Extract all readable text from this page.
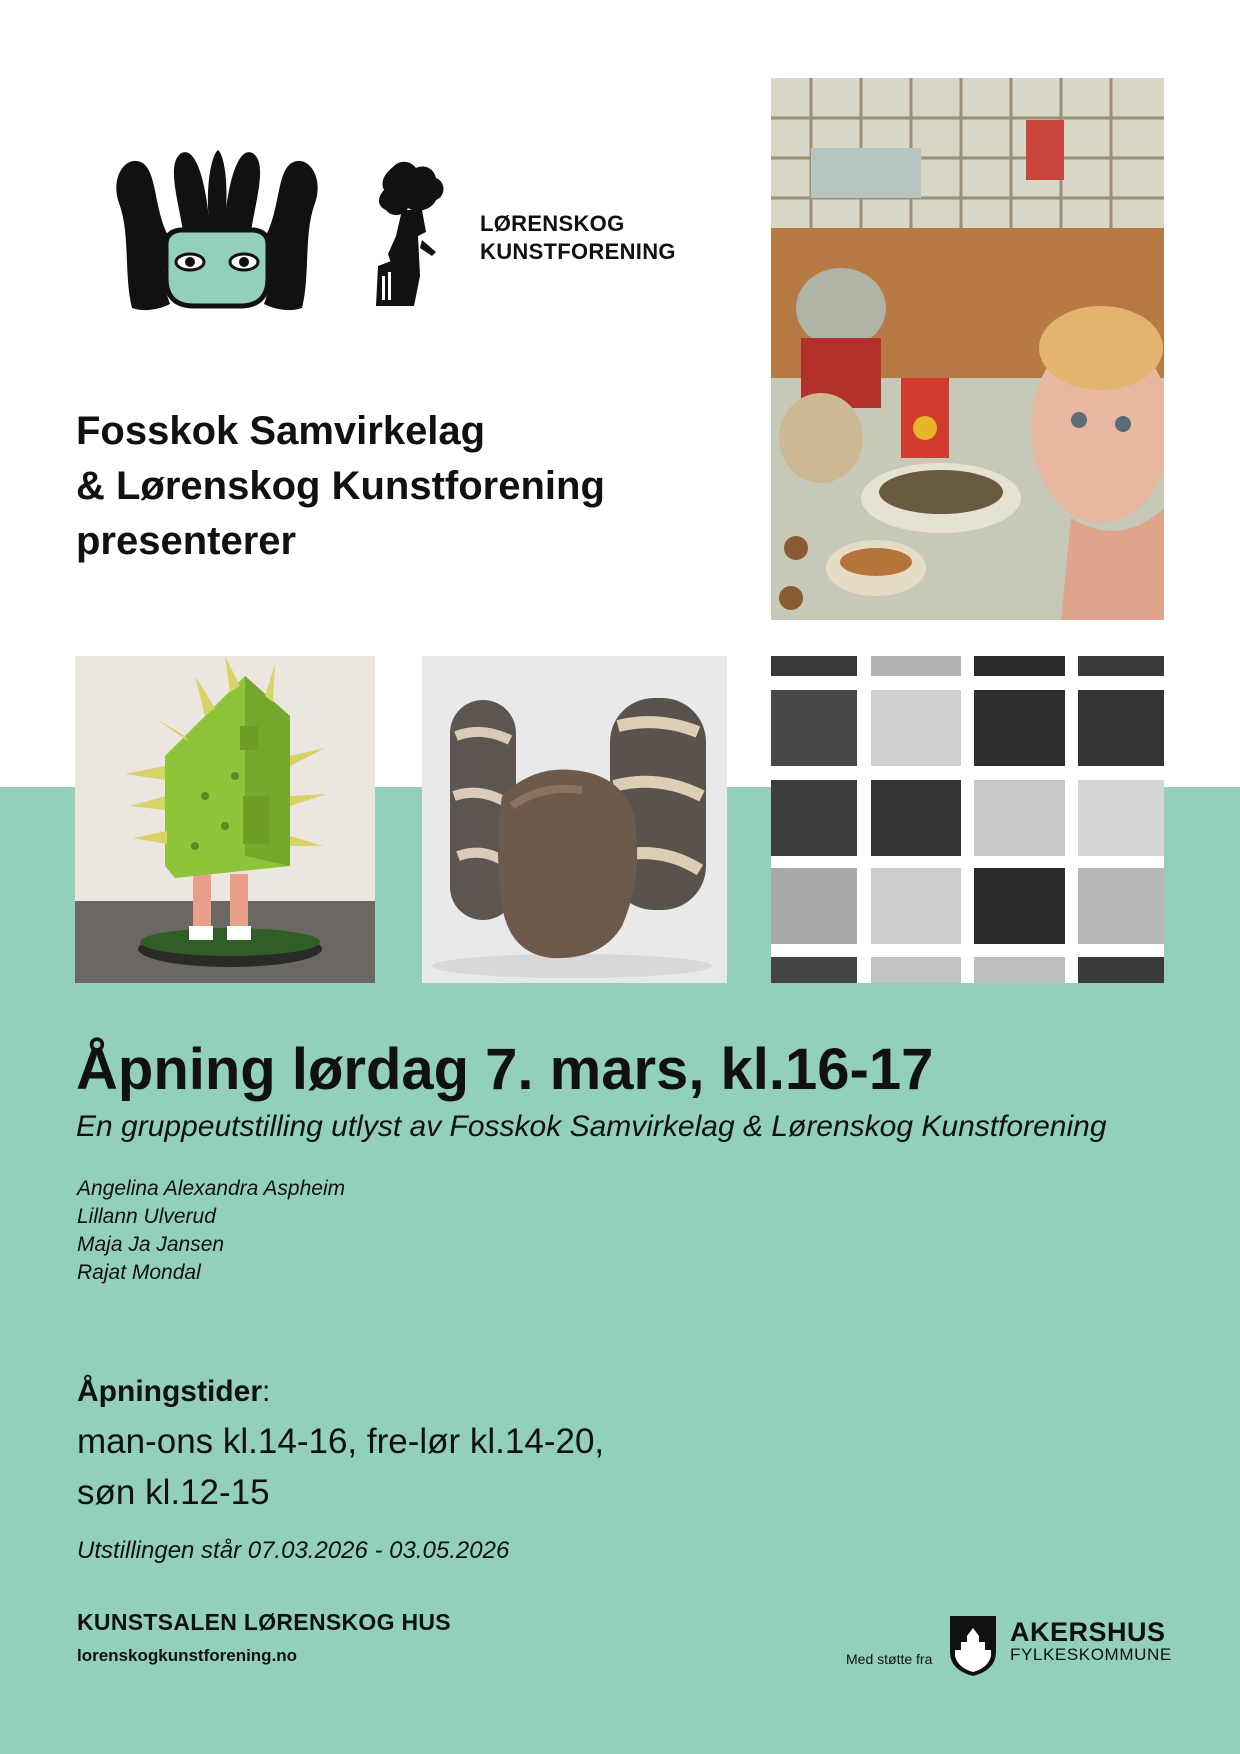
LØRENSKOG
KUNSTFORENING
Fosskok Samvirkelag
& Lørenskog Kunstforening
presenterer
Åpning lørdag 7. mars, kl.16-17
En gruppeutstilling utlyst av Fosskok Samvirkelag & Lørenskog Kunstforening
Angelina Alexandra Aspheim
Lillann Ulverud
Maja Ja Jansen
Rajat Mondal
Åpningstider:
man-ons kl.14-16, fre-lør kl.14-20,
søn kl.12-15
Utstillingen står 07.03.2026 - 03.05.2026
KUNSTSALEN LØRENSKOG HUS
lorenskogkunstforening.no	Med støtte fra
AKERSHUS
FYLKESKOMMUNE
